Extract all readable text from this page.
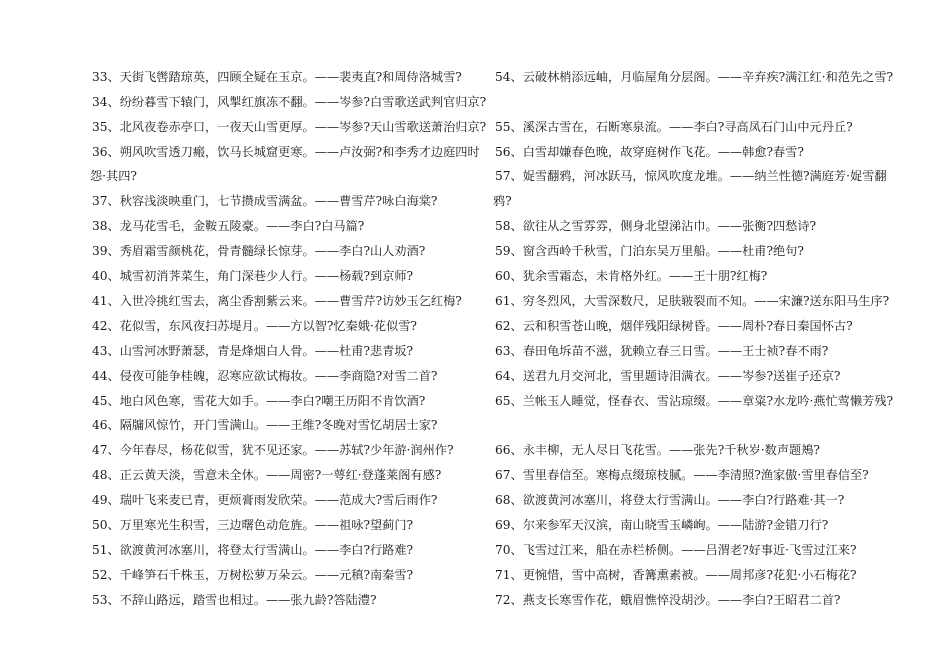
33、天街飞辔踏琼英，四顾全疑在玉京。——裴夷直?和周侍洛城雪?
34、纷纷暮雪下辕门，风掣红旗冻不翻。——岑参?白雪歌送武判官归京?
35、北风夜卷赤亭口，一夜天山雪更厚。——岑参?天山雪歌送萧治归京?
36、朔风吹雪透刀瘢，饮马长城窟更寒。——卢汝弼?和李秀才边庭四时
怨·其四?
37、秋容浅淡映重门，七节攒成雪满盆。——曹雪芹?咏白海棠?
38、龙马花雪毛，金鞍五陵豪。——李白?白马篇?
39、秀眉霜雪颜桃花，骨青髓绿长惊芽。——李白?山人劝酒?
40、城雪初消荠菜生，角门深巷少人行。——杨载?到京师?
41、入世冷挑红雪去，离尘香割紫云来。——曹雪芹?访妙玉乞红梅?
42、花似雪，东风夜扫苏堤月。——方以智?忆秦娥·花似雪?
43、山雪河冰野萧瑟，青是烽烟白人骨。——杜甫?悲青坂?
44、侵夜可能争桂魄，忍寒应欲试梅妆。——李商隐?对雪二首?
45、地白风色寒，雪花大如手。——李白?嘲王历阳不肯饮酒?
46、隔牖风惊竹，开门雪满山。——王维?冬晚对雪忆胡居士家?
47、今年春尽，杨花似雪，犹不见还家。——苏轼?少年游·润州作?
48、正云黄天淡，雪意未全休。——周密?一萼红·登蓬莱阁有感?
49、瑞叶飞来麦已青，更烦膏雨发欣荣。——范成大?雪后雨作?
50、万里寒光生积雪，三边曙色动危旌。——祖咏?望蓟门?
51、欲渡黄河冰塞川，将登太行雪满山。——李白?行路难?
52、千峰笋石千株玉，万树松萝万朵云。——元稹?南秦雪?
53、不辞山路远，踏雪也相过。——张九龄?答陆澧?
54、云破林梢添远岫，月临屋角分层阁。——辛弃疾?满江红·和范先之雪?
55、溪深古雪在，石断寒泉流。——李白?寻高凤石门山中元丹丘?
56、白雪却嫌春色晚，故穿庭树作飞花。——韩愈?春雪?
57、娖雪翻鸦，河冰跃马，惊风吹度龙堆。——纳兰性德?满庭芳·娖雪翻
鸦?
58、欲往从之雪雰雰，侧身北望涕沾巾。——张衡?四愁诗?
59、窗含西岭千秋雪，门泊东吴万里船。——杜甫?绝句?
60、犹余雪霜态，未肯格外红。——王十朋?红梅?
61、穷冬烈风，大雪深数尺，足肤皲裂而不知。——宋濂?送东阳马生序?
62、云和积雪苍山晚，烟伴残阳绿树昏。——周朴?春日秦国怀古?
63、春田龟坼苗不滋，犹赖立春三日雪。——王士祯?春不雨?
64、送君九月交河北，雪里题诗泪满衣。——岑参?送崔子还京?
65、兰帐玉人睡觉，怪春衣、雪沾琼缀。——章粢?水龙吟·燕忙莺懒芳残?
66、永丰柳，无人尽日飞花雪。——张先?千秋岁·数声题鴂?
67、雪里春信至。寒梅点缀琼枝腻。——李清照?渔家傲·雪里春信至?
68、欲渡黄河冰塞川，将登太行雪满山。——李白?行路难·其一?
69、尔来参军天汉滨，南山晓雪玉嶙峋。——陆游?金错刀行?
70、飞雪过江来，船在赤栏桥侧。——吕渭老?好事近·飞雪过江来?
71、更惋惜，雪中高树，香篝熏素被。——周邦彦?花犯·小石梅花?
72、燕支长寒雪作花，蛾眉憔悴没胡沙。——李白?王昭君二首?
